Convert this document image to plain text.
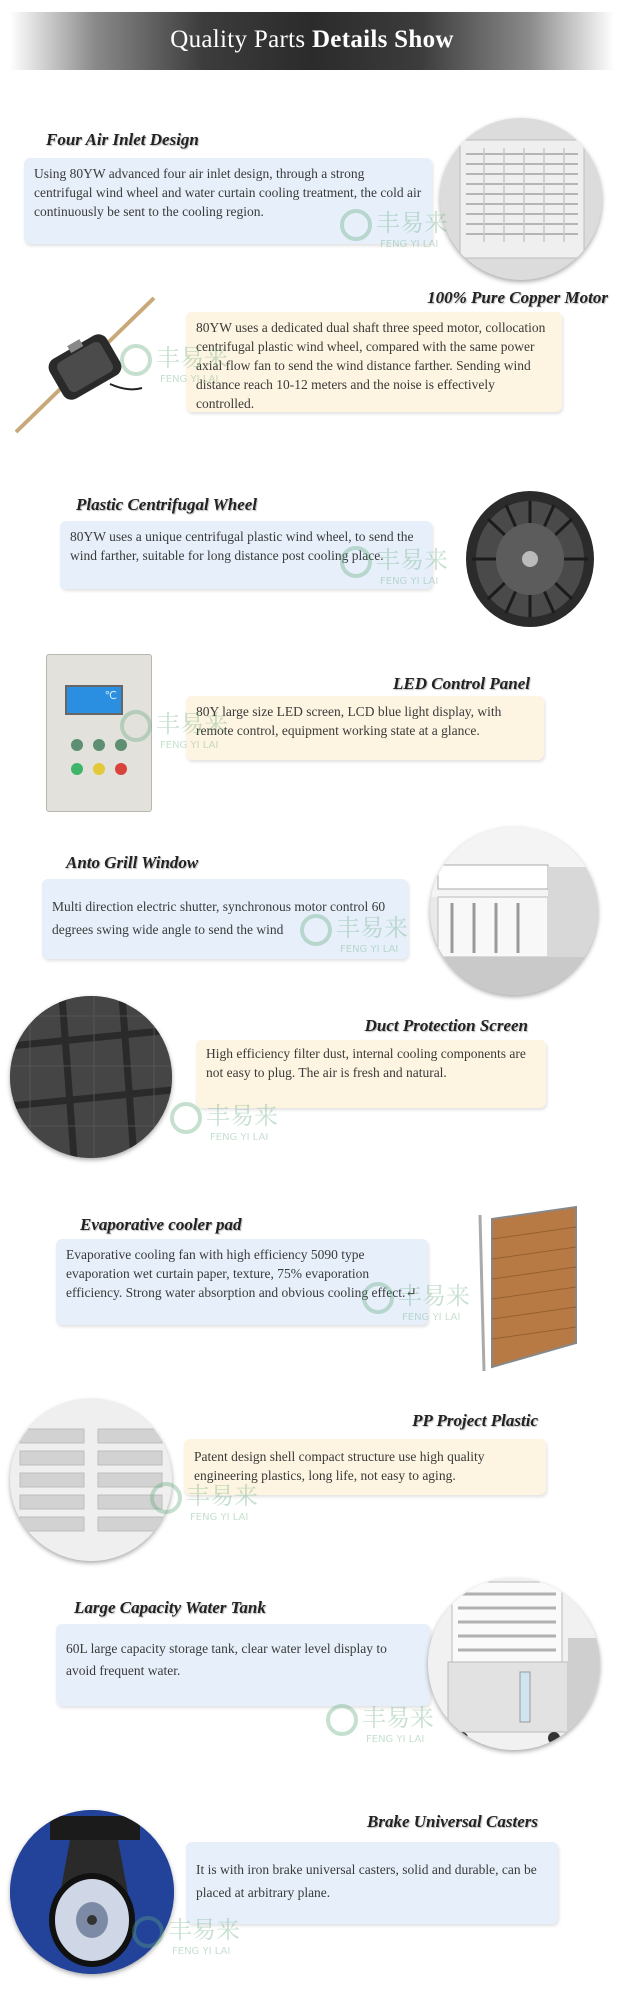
Quality Parts Details Show
Four Air Inlet Design
Using 80YW advanced four air inlet design, through a strong centrifugal wind wheel and water curtain cooling treatment, the cold air continuously be sent to the cooling region.
100% Pure Copper Motor
80YW uses a dedicated dual shaft three speed motor, collocation centrifugal plastic wind wheel, compared with the same power axial flow fan to send the wind distance farther. Sending wind distance reach 10-12 meters and the noise is effectively controlled.
Plastic Centrifugal Wheel
80YW uses a unique centrifugal plastic wind wheel, to send the wind farther, suitable for long distance post cooling place.
℃
LED Control Panel
80Y large size LED screen, LCD blue light display, with remote control, equipment working state at a glance.
Anto Grill Window
Multi direction electric shutter, synchronous motor control 60 degrees swing wide angle to send the wind
Duct Protection Screen
High efficiency filter dust, internal cooling components are not easy to plug. The air is fresh and natural.
Evaporative cooler pad
Evaporative cooling fan with high efficiency 5090 type evaporation wet curtain paper, texture, 75% evaporation efficiency. Strong water absorption and obvious cooling effect.↵
PP Project Plastic
Patent design shell compact structure use high quality engineering plastics, long life, not easy to aging.
Large Capacity Water Tank
60L large capacity storage tank, clear water level display to avoid frequent water.
Brake Universal Casters
It is with iron brake universal casters, solid and durable, can be placed at arbitrary plane.
丰易来
FENG YI LAI
丰易来
FENG YI LAI
丰易来
FENG YI LAI
丰易来
FENG YI LAI
丰易来
FENG YI LAI
丰易来
FENG YI LAI
丰易来
FENG YI LAI
丰易来
FENG YI LAI
丰易来
FENG YI LAI
丰易来
FENG YI LAI
